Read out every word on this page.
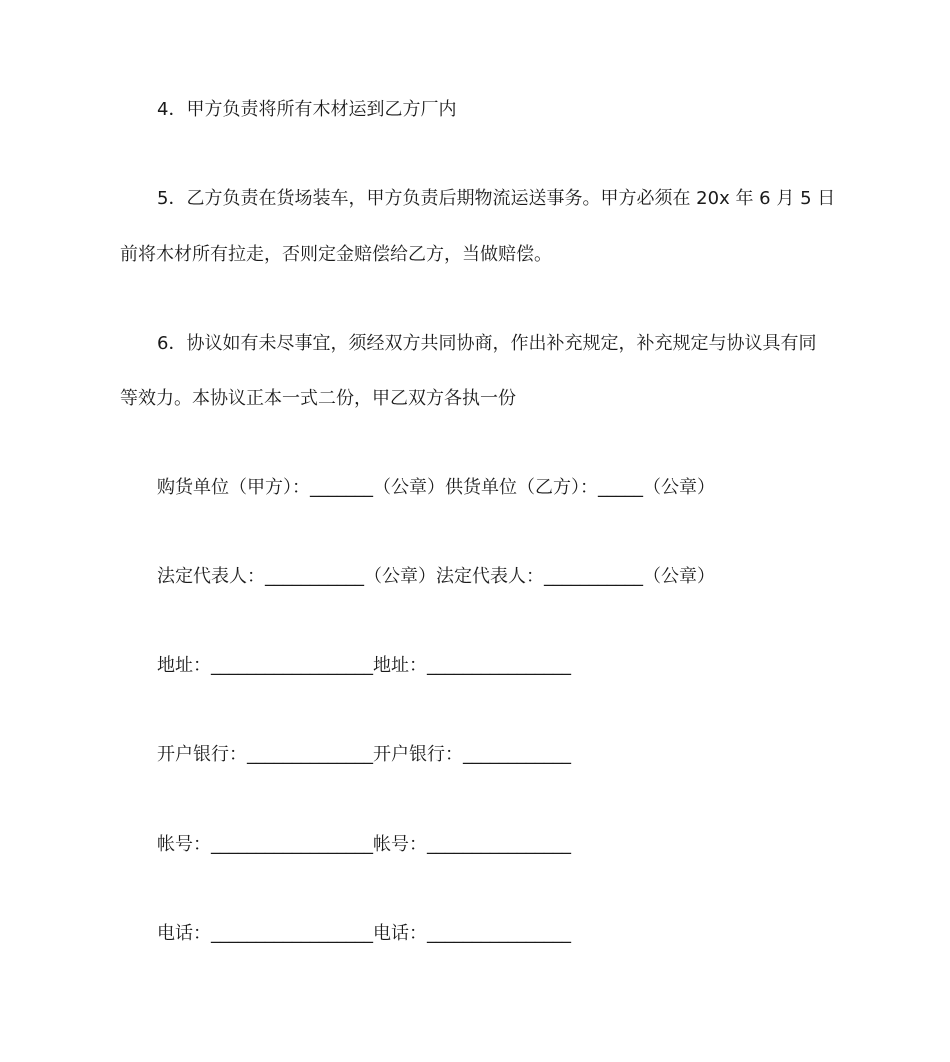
4．甲方负责将所有木材运到乙方厂内
5．乙方负责在货场装车，甲方负责后期物流运送事务。甲方必须在 20x 年 6 月 5 日
前将木材所有拉走，否则定金赔偿给乙方，当做赔偿。
6．协议如有未尽事宜，须经双方共同协商，作出补充规定，补充规定与协议具有同
等效力。本协议正本一式二份，甲乙双方各执一份
购货单位（甲方）：_______（公章）供货单位（乙方）：_____（公章）
法定代表人：___________（公章）法定代表人：___________（公章）
地址：__________________地址：________________
开户银行：______________开户银行：____________
帐号：__________________帐号：________________
电话：__________________电话：________________
